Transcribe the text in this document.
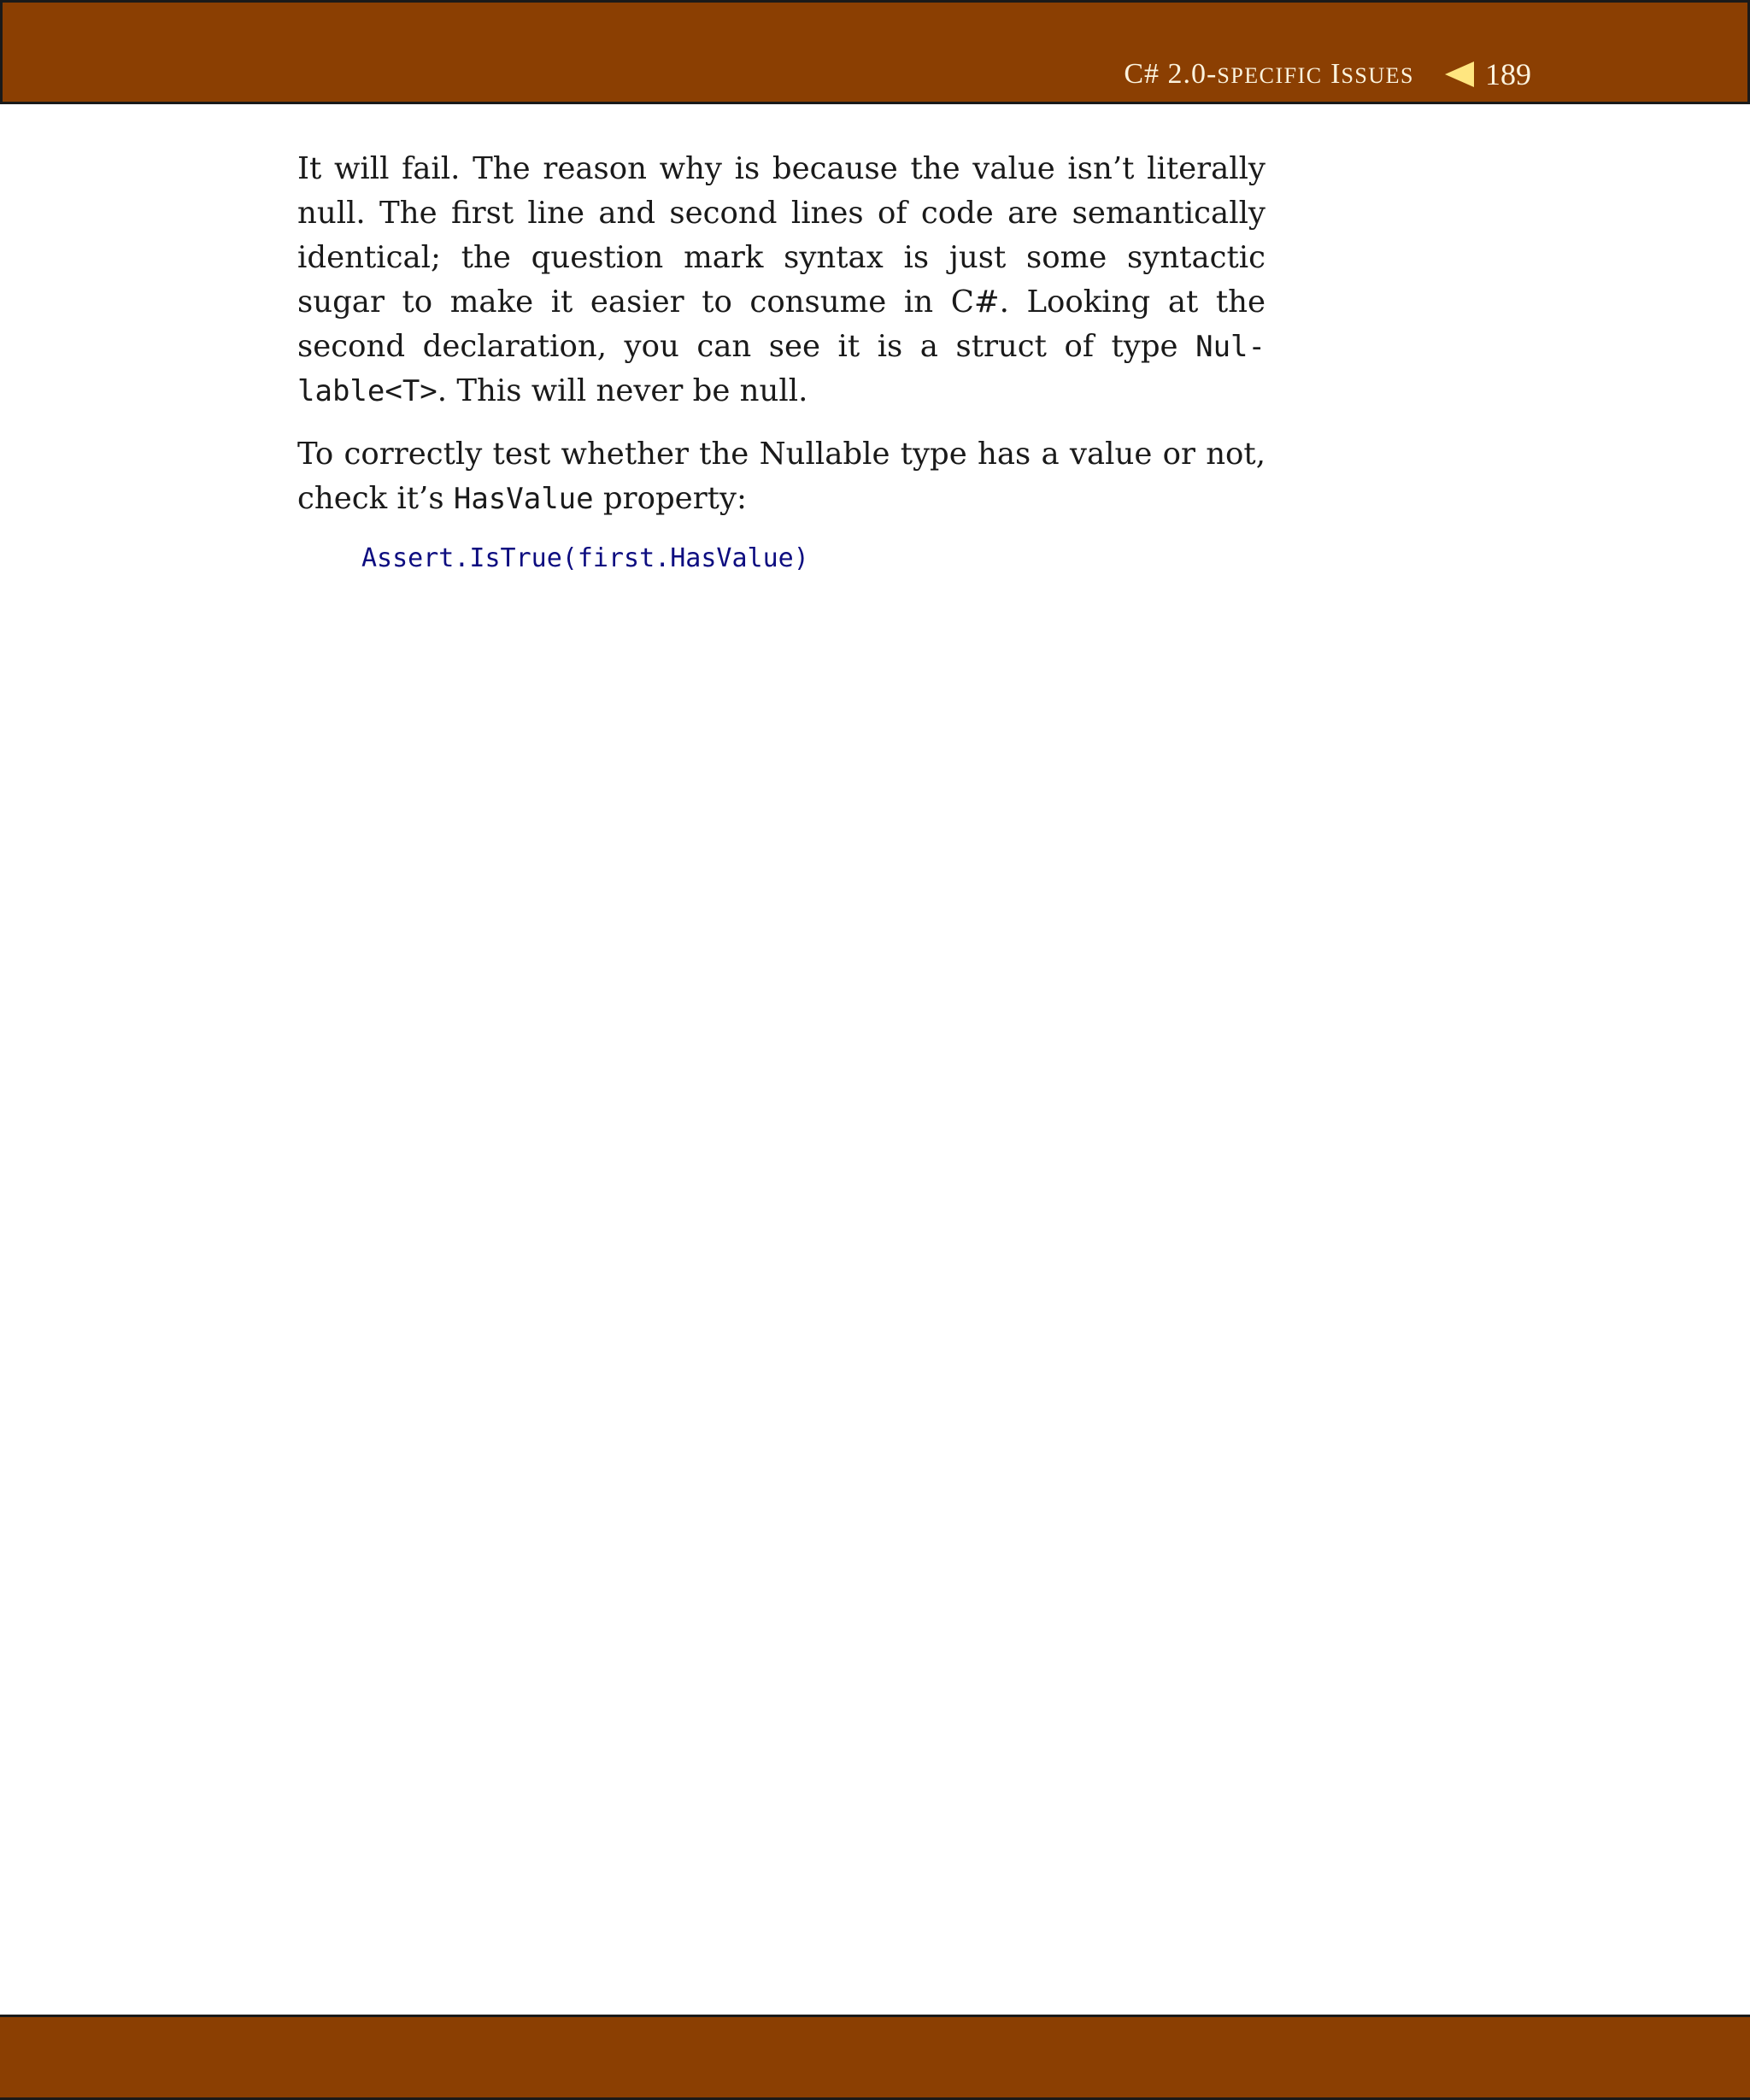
C# 2.0-SPECIFIC ISSUES 189

It will fail. The reason why is because the value isn’t literally null. The first line and second lines of code are semantically identical; the question mark syntax is just some syntactic sugar to make it easier to consume in C#. Looking at the second declaration, you can see it is a struct of type Nullable<T>. This will never be null.

To correctly test whether the Nullable type has a value or not, check it’s HasValue property:

Assert.IsTrue(first.HasValue)
